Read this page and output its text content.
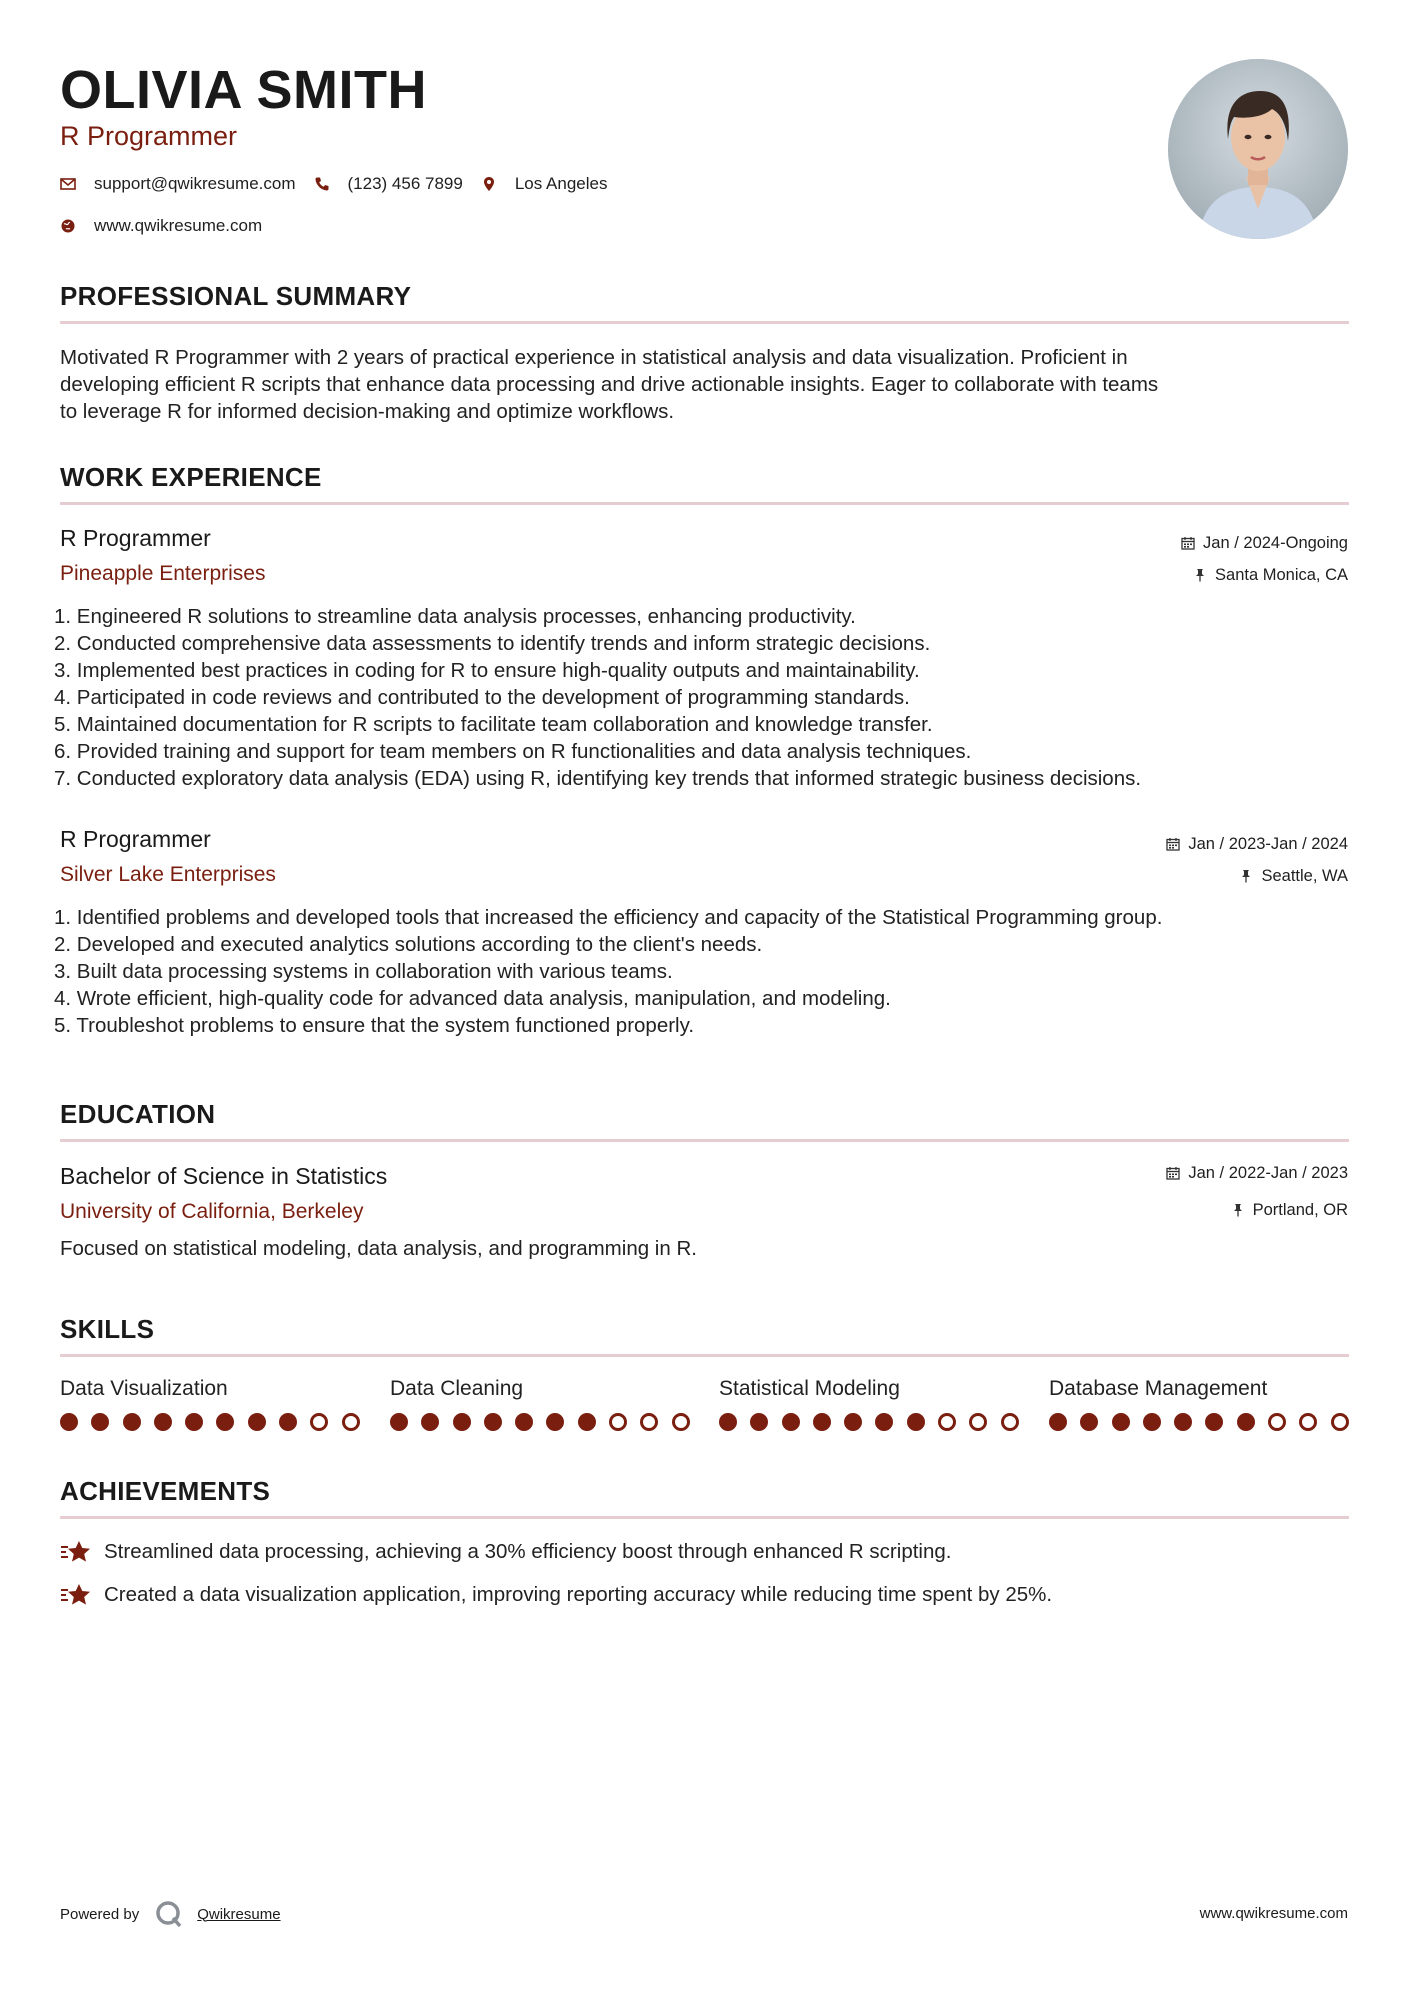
OLIVIA SMITH
R Programmer
support@qwikresume.com	(123) 456 7899	Los Angeles
www.qwikresume.com
PROFESSIONAL SUMMARY
Motivated R Programmer with 2 years of practical experience in statistical analysis and data visualization. Proficient in
developing efficient R scripts that enhance data processing and drive actionable insights. Eager to collaborate with teams
to leverage R for informed decision-making and optimize workflows.
WORK EXPERIENCE
R Programmer
Pineapple Enterprises
Jan / 2024-Ongoing
Santa Monica, CA
1. Engineered R solutions to streamline data analysis processes, enhancing productivity.
2. Conducted comprehensive data assessments to identify trends and inform strategic decisions.
3. Implemented best practices in coding for R to ensure high-quality outputs and maintainability.
4. Participated in code reviews and contributed to the development of programming standards.
5. Maintained documentation for R scripts to facilitate team collaboration and knowledge transfer.
6. Provided training and support for team members on R functionalities and data analysis techniques.
7. Conducted exploratory data analysis (EDA) using R, identifying key trends that informed strategic business decisions.
R Programmer
Silver Lake Enterprises
Jan / 2023-Jan / 2024
Seattle, WA
1. Identified problems and developed tools that increased the efficiency and capacity of the Statistical Programming group.
2. Developed and executed analytics solutions according to the client's needs.
3. Built data processing systems in collaboration with various teams.
4. Wrote efficient, high-quality code for advanced data analysis, manipulation, and modeling.
5. Troubleshot problems to ensure that the system functioned properly.
EDUCATION
Bachelor of Science in Statistics
University of California, Berkeley
Jan / 2022-Jan / 2023
Portland, OR
Focused on statistical modeling, data analysis, and programming in R.
SKILLS
Data Visualization	Data Cleaning	Statistical Modeling	Database Management
ACHIEVEMENTS
Streamlined data processing, achieving a 30% efficiency boost through enhanced R scripting.
Created a data visualization application, improving reporting accuracy while reducing time spent by 25%.
Powered by	Qwikresume	www.qwikresume.com
